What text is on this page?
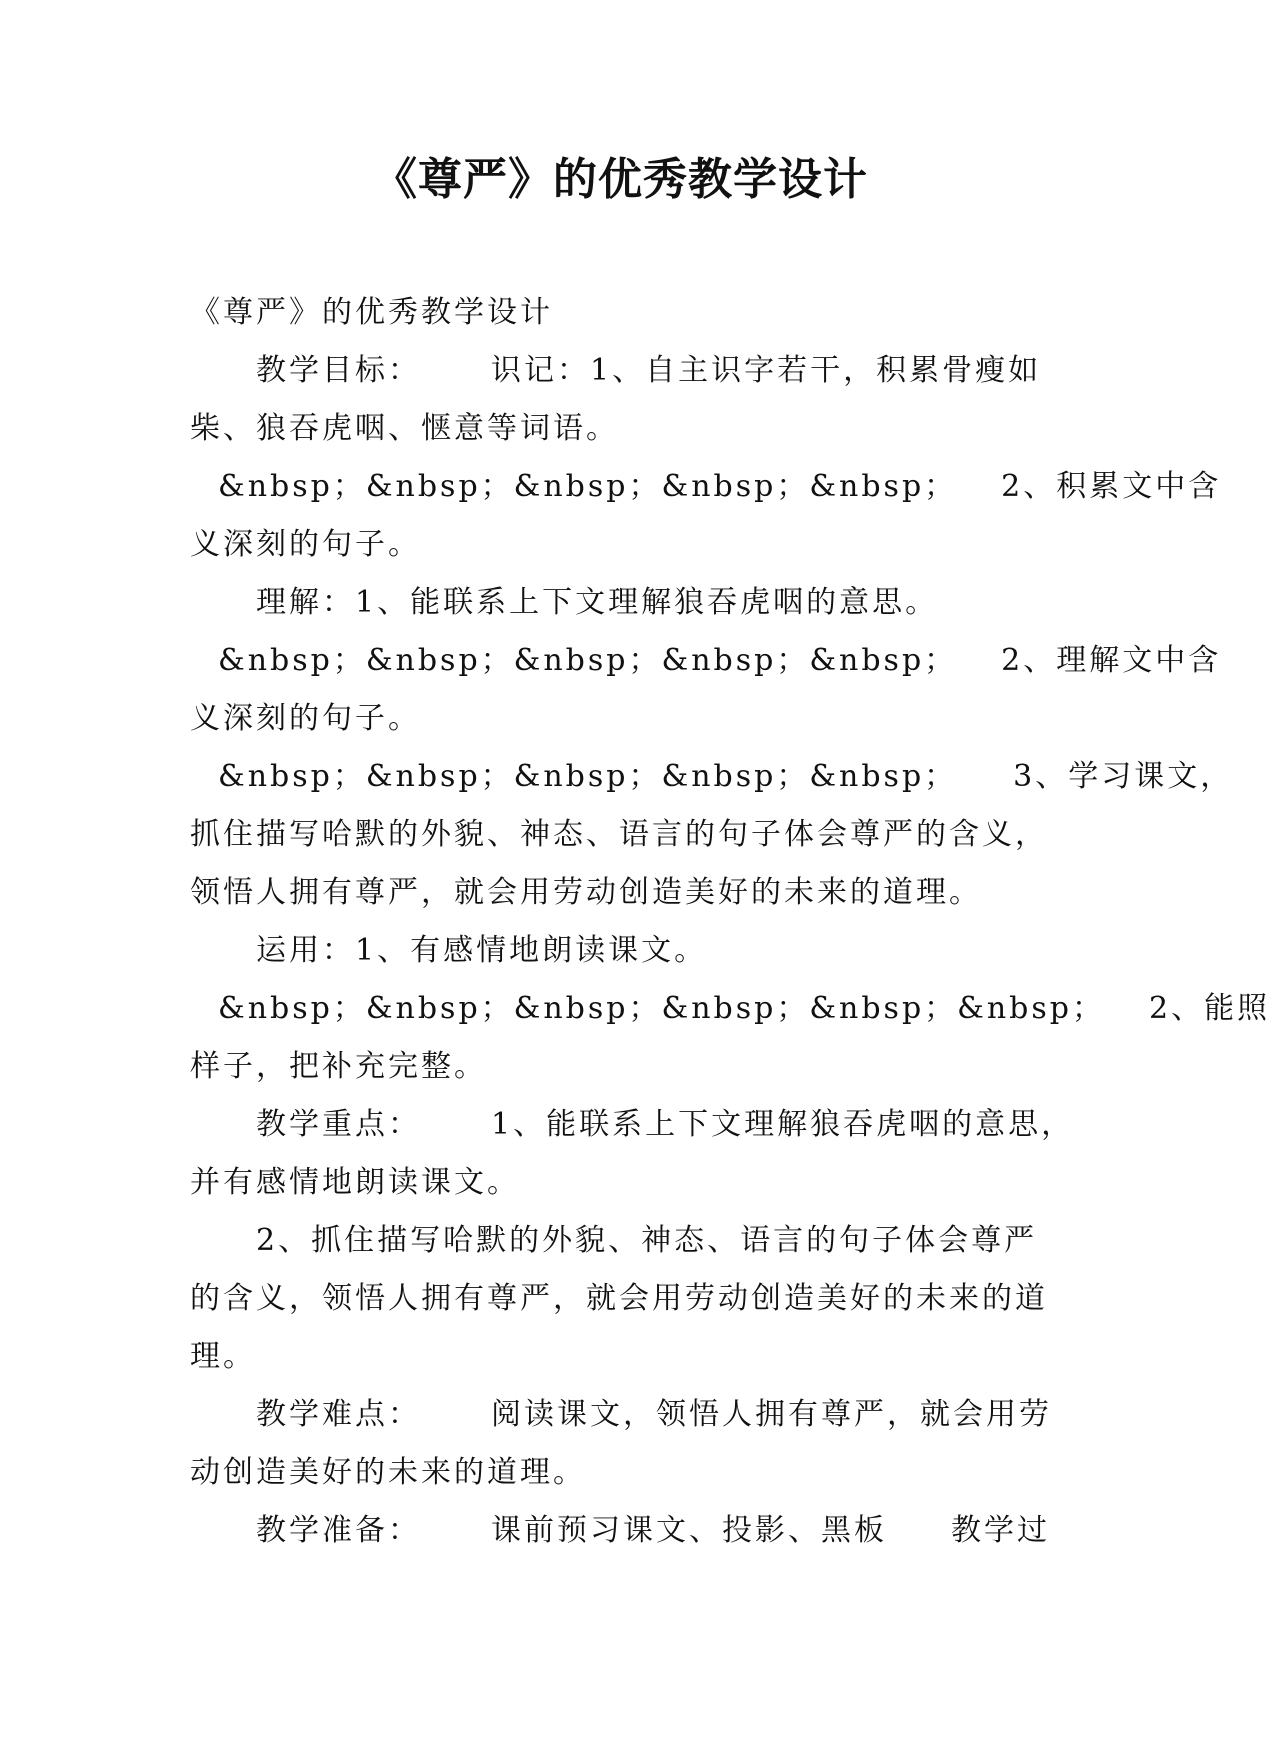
《尊严》的优秀教学设计
《尊严》的优秀教学设计
教学目标： 识记：1、自主识字若干，积累骨瘦如
柴、狼吞虎咽、惬意等词语。
&nbsp；&nbsp；&nbsp；&nbsp；&nbsp； 2、积累文中含
义深刻的句子。
理解：1、能联系上下文理解狼吞虎咽的意思。
&nbsp；&nbsp；&nbsp；&nbsp；&nbsp； 2、理解文中含
义深刻的句子。
&nbsp；&nbsp；&nbsp；&nbsp；&nbsp； 3、学习课文，
抓住描写哈默的外貌、神态、语言的句子体会尊严的含义，
领悟人拥有尊严，就会用劳动创造美好的未来的道理。
运用：1、有感情地朗读课文。
&nbsp；&nbsp；&nbsp；&nbsp；&nbsp；&nbsp； 2、能照
样子，把补充完整。
教学重点： 1、能联系上下文理解狼吞虎咽的意思，
并有感情地朗读课文。
2、抓住描写哈默的外貌、神态、语言的句子体会尊严
的含义，领悟人拥有尊严，就会用劳动创造美好的未来的道
理。
教学难点： 阅读课文，领悟人拥有尊严，就会用劳
动创造美好的未来的道理。
教学准备： 课前预习课文、投影、黑板 教学过
